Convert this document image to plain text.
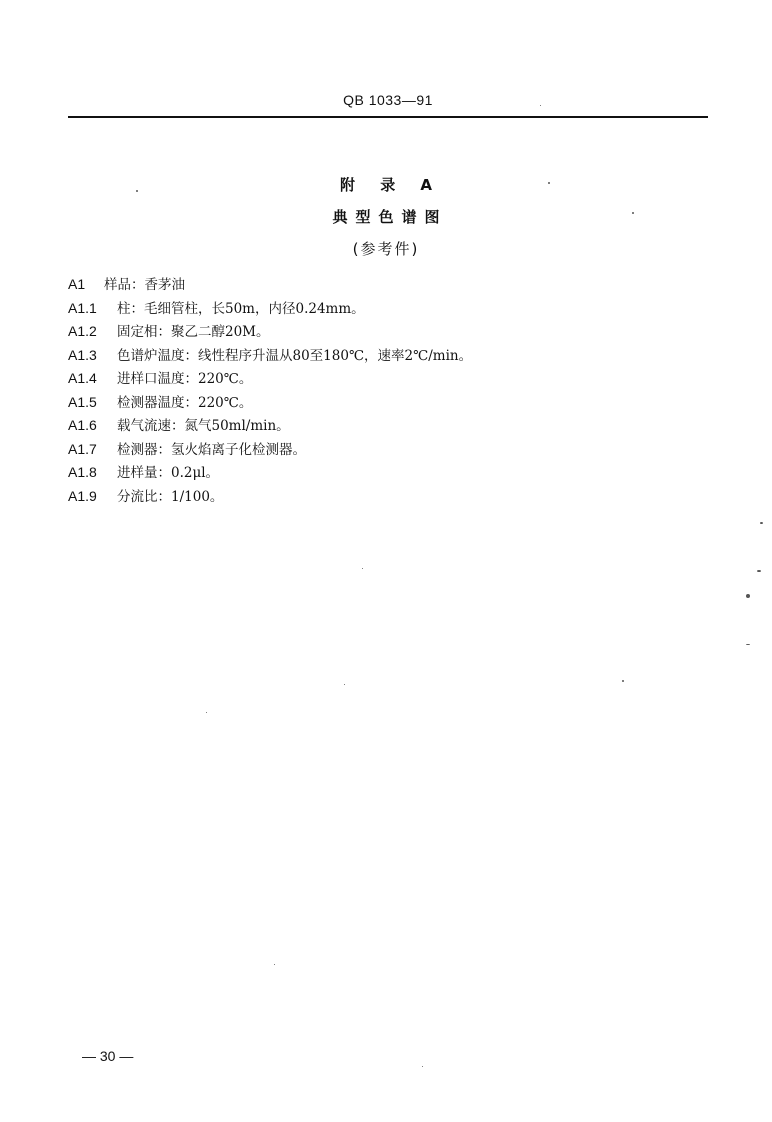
QB 1033—91
附 录 A
典型色谱图
(参考件)
A1 样品：香茅油
A1.1 柱：毛细管柱，长50m，内径0.24mm。
A1.2 固定相：聚乙二醇20M。
A1.3 色谱炉温度：线性程序升温从80至180℃，速率2℃/min。
A1.4 进样口温度：220℃。
A1.5 检测器温度：220℃。
A1.6 载气流速：氮气50ml/min。
A1.7 检测器：氢火焰离子化检测器。
A1.8 进样量：0.2μl。
A1.9 分流比：1/100。
— 30 —
